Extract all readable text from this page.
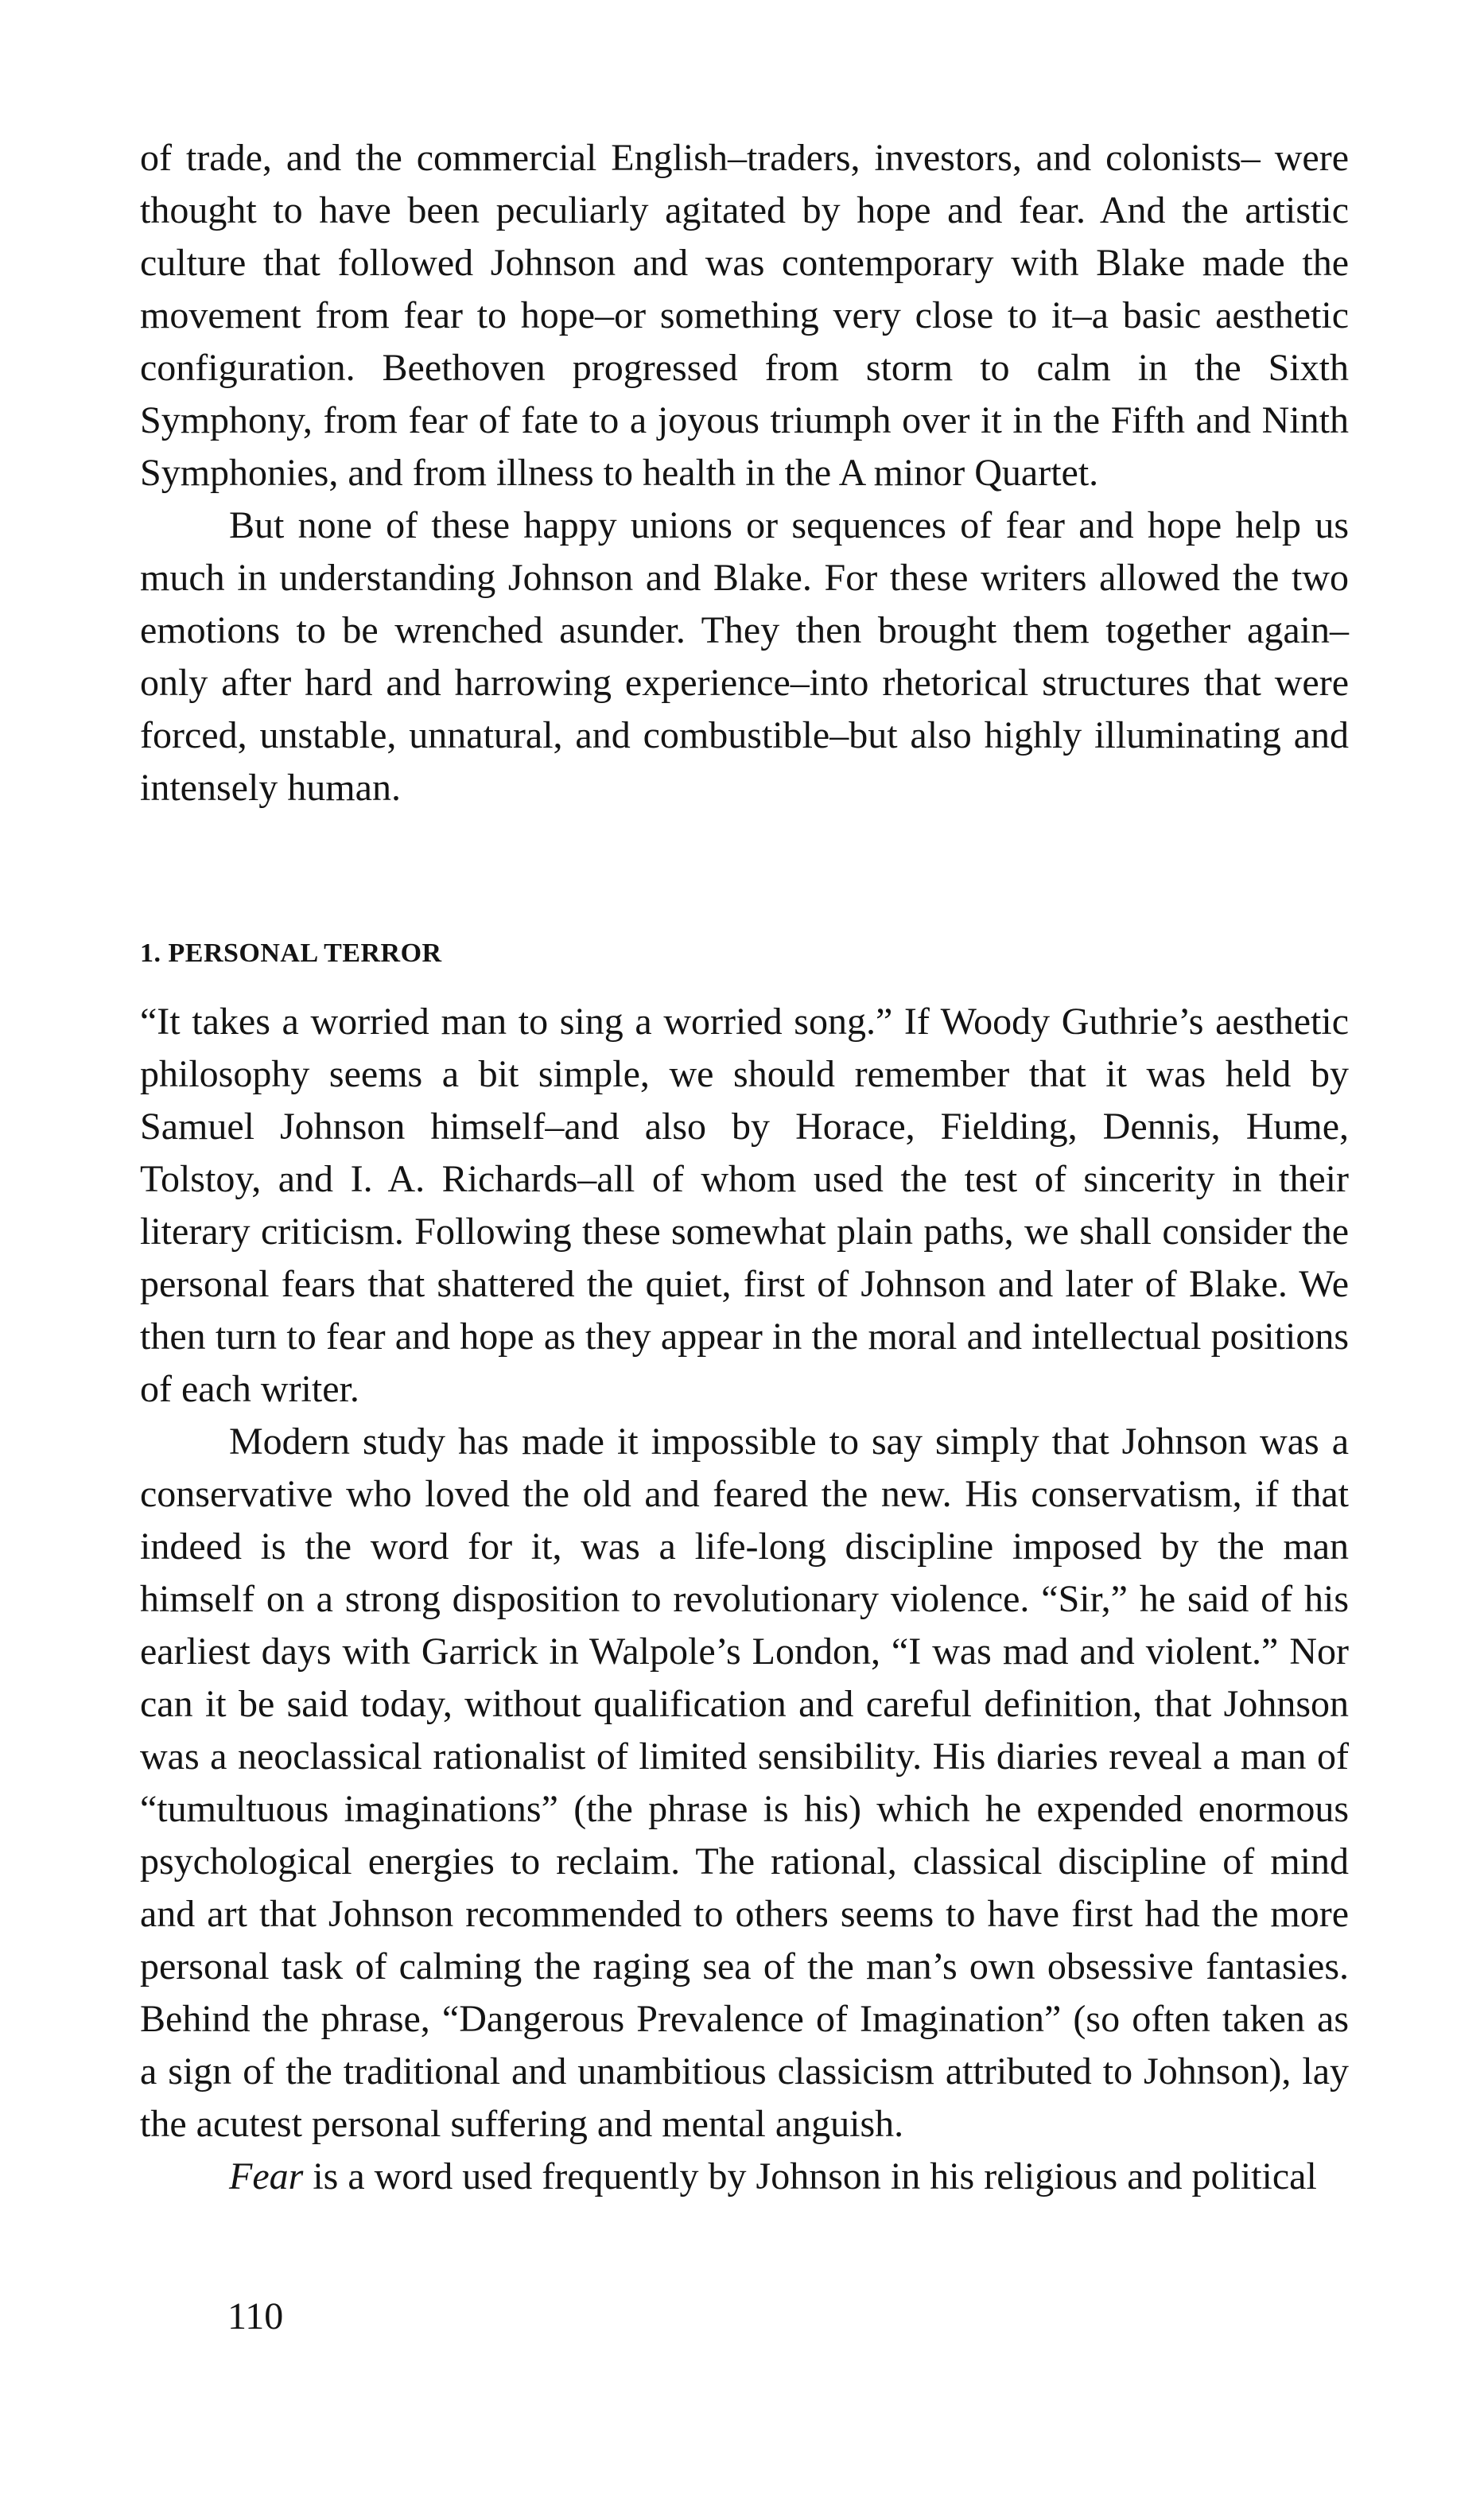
of trade, and the commercial English–traders, investors, and colonists– were thought to have been peculiarly agitated by hope and fear. And the artistic culture that followed Johnson and was contemporary with Blake made the movement from fear to hope–or something very close to it–a basic aesthetic configuration. Beethoven progressed from storm to calm in the Sixth Symphony, from fear of fate to a joyous triumph over it in the Fifth and Ninth Symphonies, and from illness to health in the A minor Quartet.

But none of these happy unions or sequences of fear and hope help us much in understanding Johnson and Blake. For these writers allowed the two emotions to be wrenched asunder. They then brought them together again–only after hard and harrowing experience–into rhetorical structures that were forced, unstable, unnatural, and combustible–but also highly illuminating and intensely human.

1. PERSONAL TERROR

“It takes a worried man to sing a worried song.” If Woody Guthrie’s aesthetic philosophy seems a bit simple, we should remember that it was held by Samuel Johnson himself–and also by Horace, Fielding, Dennis, Hume, Tolstoy, and I. A. Richards–all of whom used the test of sincerity in their literary criticism. Following these somewhat plain paths, we shall consider the personal fears that shattered the quiet, first of Johnson and later of Blake. We then turn to fear and hope as they appear in the moral and intellectual positions of each writer.

Modern study has made it impossible to say simply that Johnson was a conservative who loved the old and feared the new. His conservatism, if that indeed is the word for it, was a life-long discipline imposed by the man himself on a strong disposition to revolutionary violence. “Sir,” he said of his earliest days with Garrick in Walpole’s London, “I was mad and violent.” Nor can it be said today, without qualification and careful definition, that Johnson was a neoclassical rationalist of limited sensibility. His diaries reveal a man of “tumultuous imaginations” (the phrase is his) which he expended enormous psychological energies to reclaim. The rational, classical discipline of mind and art that Johnson recommended to others seems to have first had the more personal task of calming the raging sea of the man’s own obsessive fantasies. Behind the phrase, “Dangerous Prevalence of Imagination” (so often taken as a sign of the traditional and unambitious classicism attributed to Johnson), lay the acutest personal suffering and mental anguish.

Fear is a word used frequently by Johnson in his religious and political

110
